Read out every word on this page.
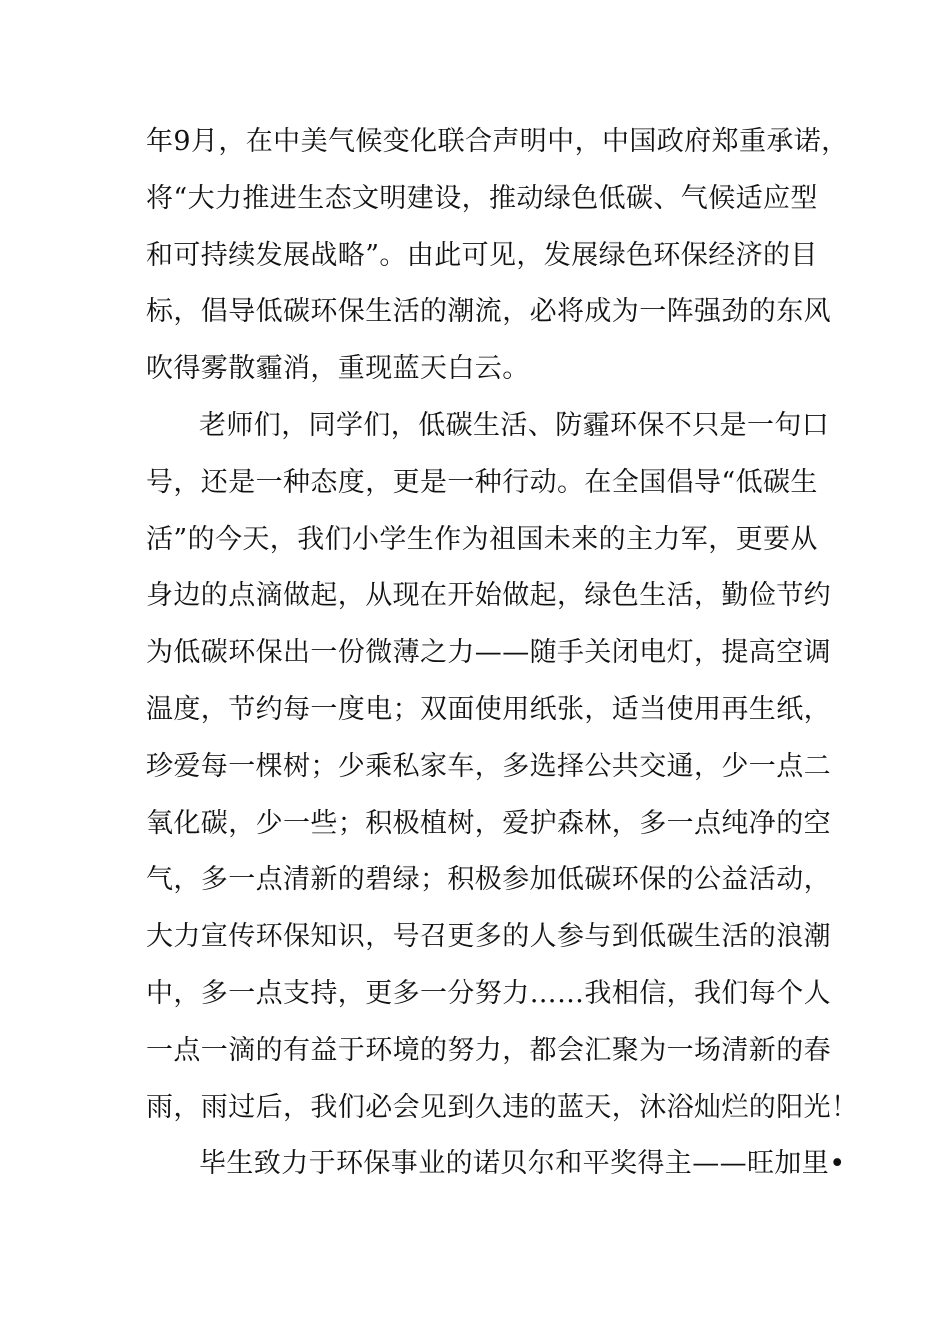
年9月，在中美气候变化联合声明中，中国政府郑重承诺，
将“大力推进生态文明建设，推动绿色低碳、气候适应型
和可持续发展战略”。由此可见，发展绿色环保经济的目
标，倡导低碳环保生活的潮流，必将成为一阵强劲的东风
吹得雾散霾消，重现蓝天白云。
老师们，同学们，低碳生活、防霾环保不只是一句口
号，还是一种态度，更是一种行动。在全国倡导“低碳生
活”的今天，我们小学生作为祖国未来的主力军，更要从
身边的点滴做起，从现在开始做起，绿色生活，勤俭节约
为低碳环保出一份微薄之力——随手关闭电灯，提高空调
温度，节约每一度电；双面使用纸张，适当使用再生纸，
珍爱每一棵树；少乘私家车，多选择公共交通，少一点二
氧化碳，少一些；积极植树，爱护森林，多一点纯净的空
气，多一点清新的碧绿；积极参加低碳环保的公益活动，
大力宣传环保知识，号召更多的人参与到低碳生活的浪潮
中，多一点支持，更多一分努力……我相信，我们每个人
一点一滴的有益于环境的努力，都会汇聚为一场清新的春
雨，雨过后，我们必会见到久违的蓝天，沐浴灿烂的阳光！
毕生致力于环保事业的诺贝尔和平奖得主——旺加里•
